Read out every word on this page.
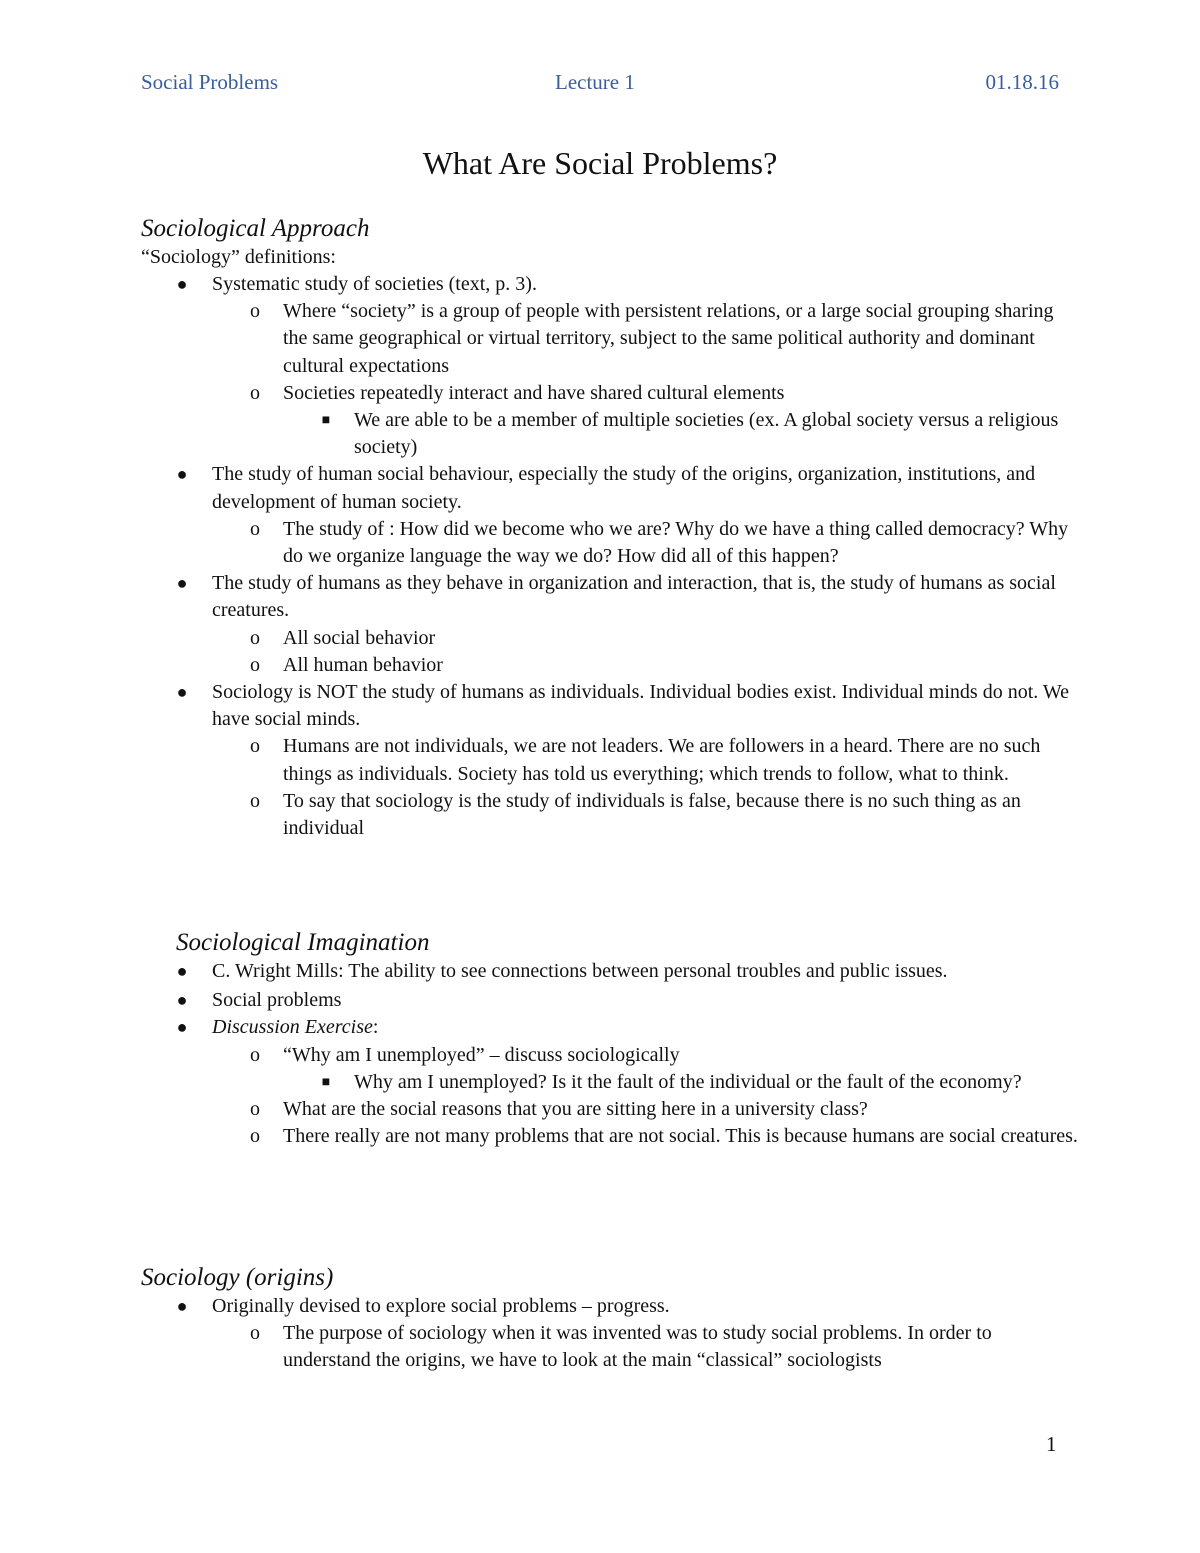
Social Problems	Lecture 1	01.18.16
What Are Social Problems?
Sociological Approach

“Sociology” definitions:

● Systematic study of societies (text, p. 3).
o Where “society” is a group of people with persistent relations, or a large social grouping sharing the same geographical or virtual territory, subject to the same political authority and dominant cultural expectations
o Societies repeatedly interact and have shared cultural elements
■ We are able to be a member of multiple societies (ex. A global society versus a religious society)
● The study of human social behaviour, especially the study of the origins, organization, institutions, and development of human society.
o The study of : How did we become who we are? Why do we have a thing called democracy? Why do we organize language the way we do? How did all of this happen?
● The study of humans as they behave in organization and interaction, that is, the study of humans as social creatures.
o All social behavior
o All human behavior
● Sociology is NOT the study of humans as individuals. Individual bodies exist. Individual minds do not. We have social minds.
o Humans are not individuals, we are not leaders. We are followers in a heard. There are no such things as individuals. Society has told us everything; which trends to follow, what to think.
o To say that sociology is the study of individuals is false, because there is no such thing as an individual
Sociological Imagination
● C. Wright Mills: The ability to see connections between personal troubles and public issues.
● Social problems
● Discussion Exercise:
o “Why am I unemployed” – discuss sociologically
■ Why am I unemployed? Is it the fault of the individual or the fault of the economy?
o What are the social reasons that you are sitting here in a university class?
o There really are not many problems that are not social. This is because humans are social creatures.
Sociology (origins)
● Originally devised to explore social problems – progress.
o The purpose of sociology when it was invented was to study social problems. In order to understand the origins, we have to look at the main “classical” sociologists
1
